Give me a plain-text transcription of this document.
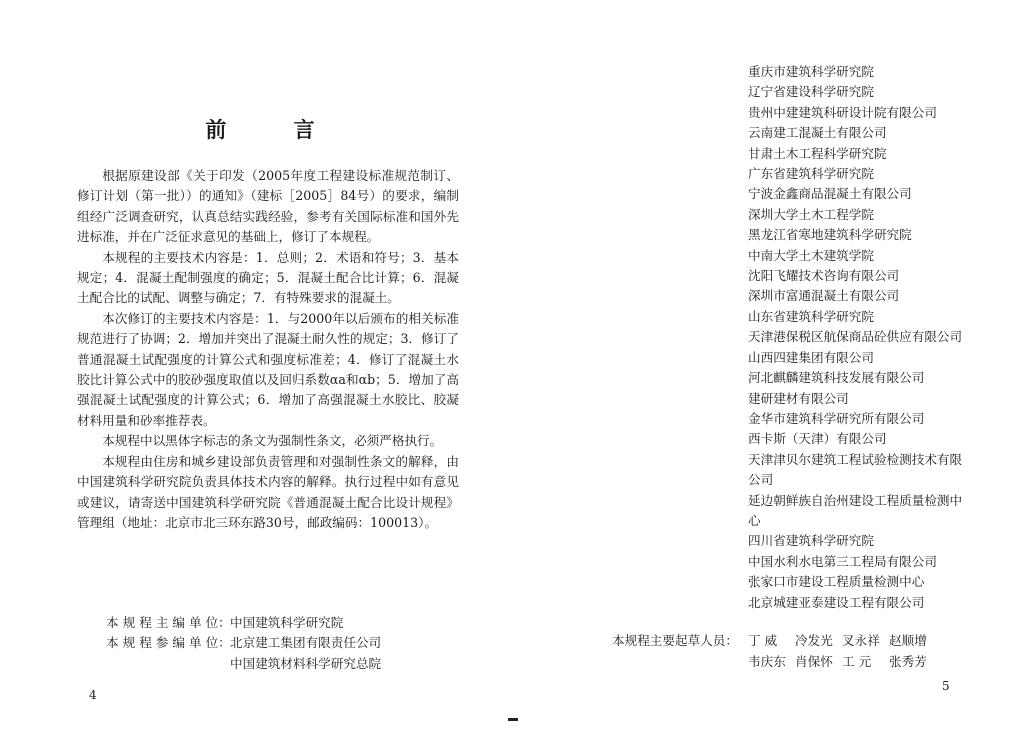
前 言

根据原建设部《关于印发（2005年度工程建设标准规范制订、修订计划（第一批））的通知》（建标［2005］84号）的要求，编制组经广泛调查研究，认真总结实践经验，参考有关国际标准和国外先进标准，并在广泛征求意见的基础上，修订了本规程。

本规程的主要技术内容是：1．总则；2．术语和符号；3．基本规定；4．混凝土配制强度的确定；5．混凝土配合比计算；6．混凝土配合比的试配、调整与确定；7．有特殊要求的混凝土。

本次修订的主要技术内容是：1．与2000年以后颁布的相关标准规范进行了协调；2．增加并突出了混凝土耐久性的规定；3．修订了普通混凝土试配强度的计算公式和强度标准差；4．修订了混凝土水胶比计算公式中的胶砂强度取值以及回归系数αa和αb；5．增加了高强混凝土试配强度的计算公式；6．增加了高强混凝土水胶比、胶凝材料用量和砂率推荐表。

本规程中以黑体字标志的条文为强制性条文，必须严格执行。

本规程由住房和城乡建设部负责管理和对强制性条文的解释，由中国建筑科学研究院负责具体技术内容的解释。执行过程中如有意见或建议，请寄送中国建筑科学研究院《普通混凝土配合比设计规程》管理组（地址：北京市北三环东路30号，邮政编码：100013）。

本 规 程 主 编 单 位： 中国建筑科学研究院
本 规 程 参 编 单 位： 北京建工集团有限责任公司
中国建筑材料科学研究总院
4
重庆市建筑科学研究院
辽宁省建设科学研究院
贵州中建建筑科研设计院有限公司
云南建工混凝土有限公司
甘肃土木工程科学研究院
广东省建筑科学研究院
宁波金鑫商品混凝土有限公司
深圳大学土木工程学院
黑龙江省寒地建筑科学研究院
中南大学土木建筑学院
沈阳飞耀技术咨询有限公司
深圳市富通混凝土有限公司
山东省建筑科学研究院
天津港保税区航保商品砼供应有限公司
山西四建集团有限公司
河北麒麟建筑科技发展有限公司
建研建材有限公司
金华市建筑科学研究所有限公司
西卡斯（天津）有限公司
天津津贝尔建筑工程试验检测技术有限公司
延边朝鲜族自治州建设工程质量检测中心
四川省建筑科学研究院
中国水利水电第三工程局有限公司
张家口市建设工程质量检测中心
北京城建亚泰建设工程有限公司
本规程主要起草人员： 丁 威	冷发光 叉永祥 赵顺增
韦庆东 肖保怀 工 元	张秀芳
5
